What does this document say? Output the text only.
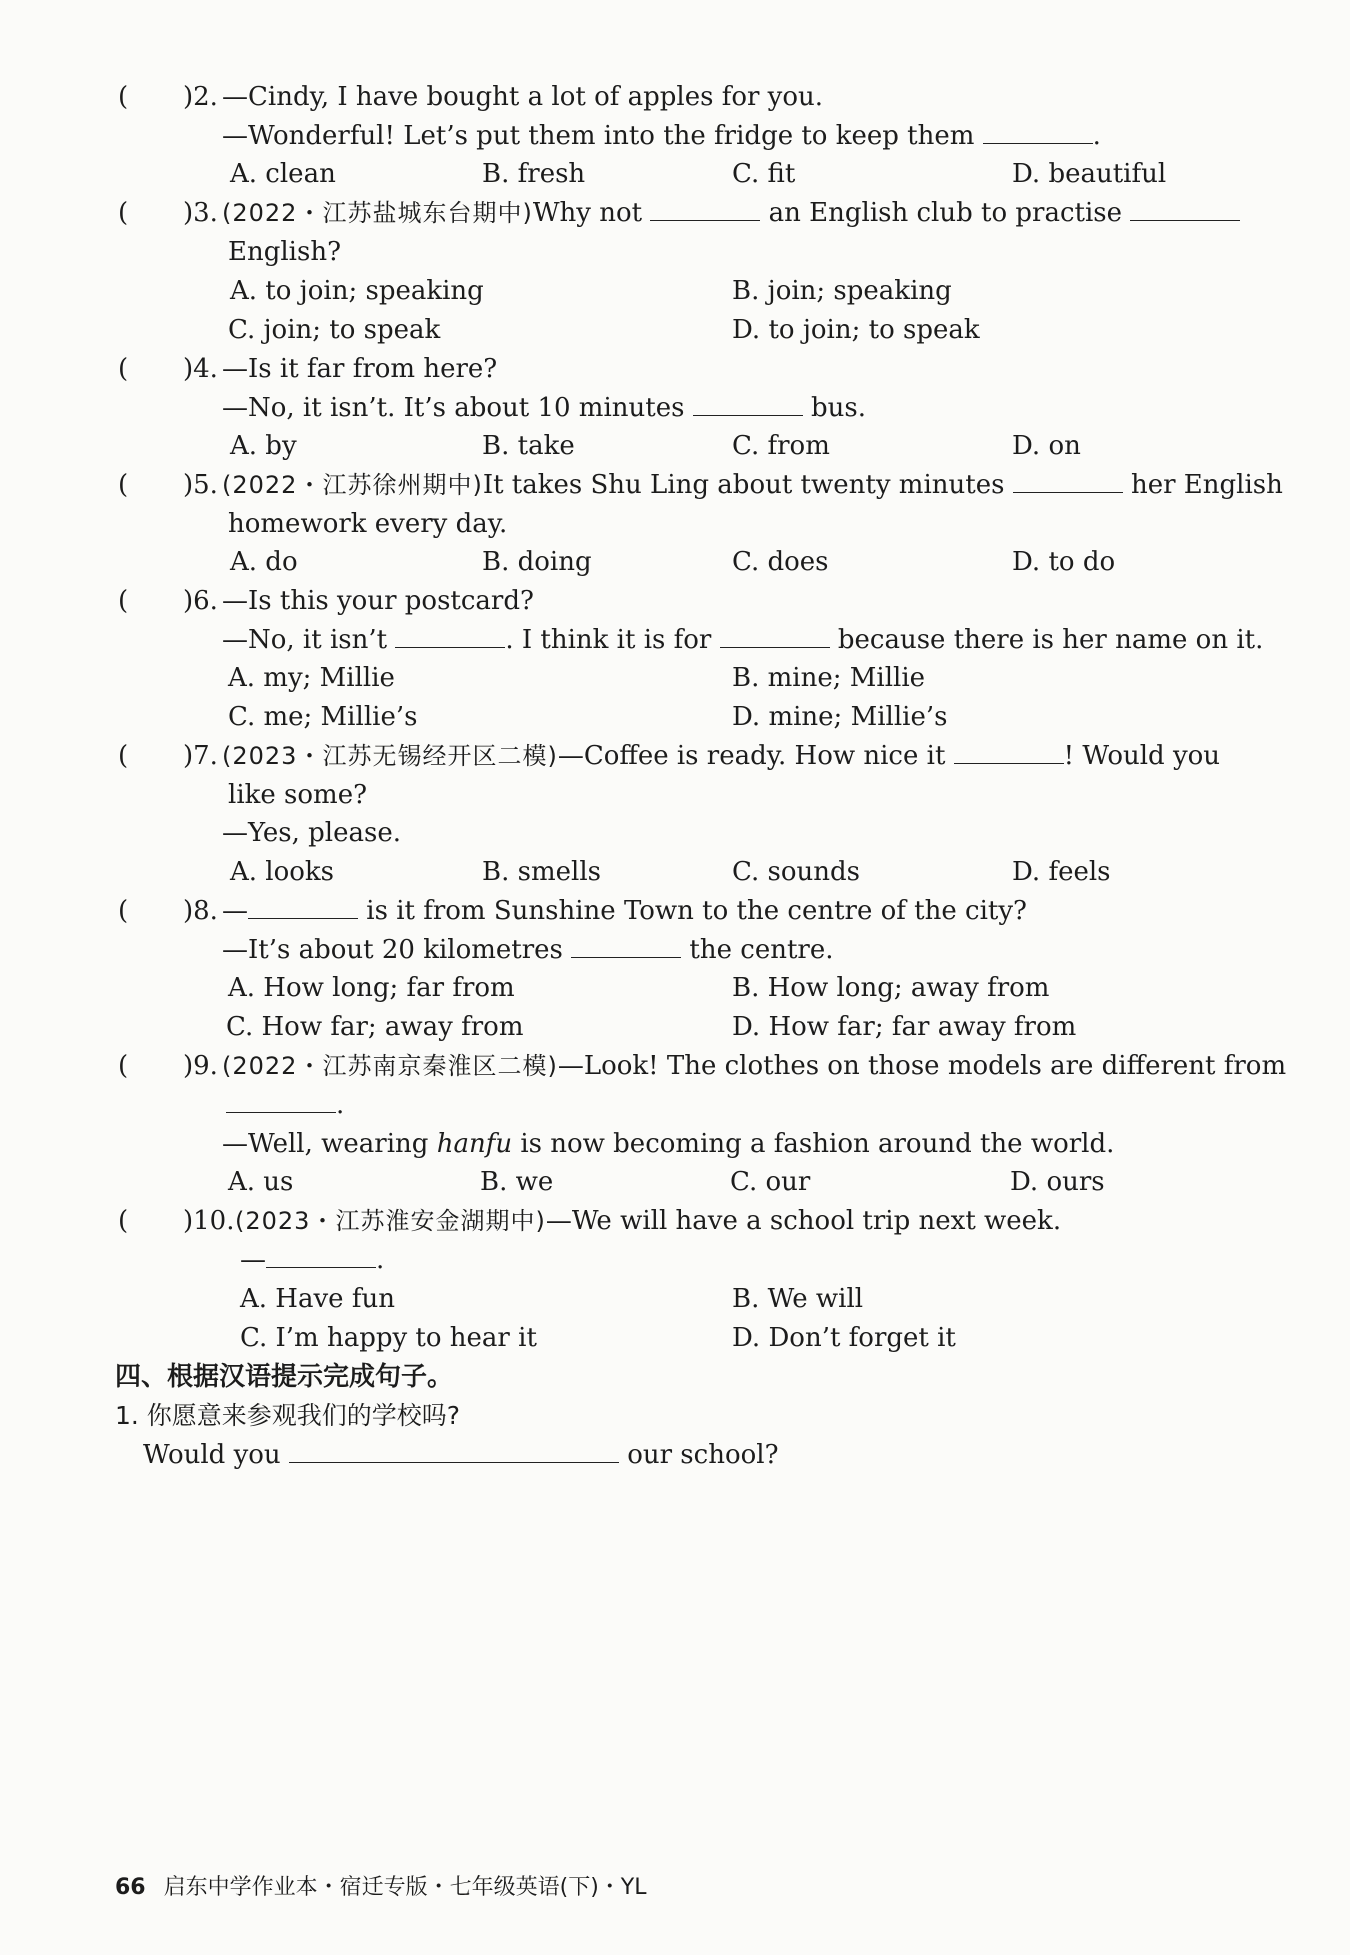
( )2. —Cindy, I have bought a lot of apples for you.
—Wonderful! Let’s put them into the fridge to keep them	.
A. clean	B. fresh	C. fit	D. beautiful
( )3. (2022・江苏盐城东台期中)Why not	an English club to practise
English?
A. to join; speaking	B. join; speaking
C. join; to speak	D. to join; to speak
( )4. —Is it far from here?
—No, it isn’t. It’s about 10 minutes	bus.
A. by	B. take	C. from	D. on
( )5. (2022・江苏徐州期中)It takes Shu Ling about twenty minutes	her English
homework every day.
A. do	B. doing	C. does	D. to do
( )6. —Is this your postcard?
—No, it isn’t	. I think it is for	because there is her name on it.
A. my; Millie	B. mine; Millie
C. me; Millie’s	D. mine; Millie’s
( )7. (2023・江苏无锡经开区二模)—Coffee is ready. How nice it	! Would you
like some?
—Yes, please.
A. looks	B. smells	C. sounds	D. feels
( )8. —	is it from Sunshine Town to the centre of the city?
—It’s about 20 kilometres	the centre.
A. How long; far from	B. How long; away from
C. How far; away from	D. How far; far away from
( )9. (2022・江苏南京秦淮区二模)—Look! The clothes on those models are different from
.
—Well, wearing hanfu is now becoming a fashion around the world.
A. us	B. we	C. our	D. ours
( )10. (2023・江苏淮安金湖期中)—We will have a school trip next week.
—	.
A. Have fun	B. We will
C. I’m happy to hear it	D. Don’t forget it
四、根据汉语提示完成句子。
1. 你愿意来参观我们的学校吗?
Would you	our school?
66 启东中学作业本・宿迁专版・七年级英语(下)・YL
